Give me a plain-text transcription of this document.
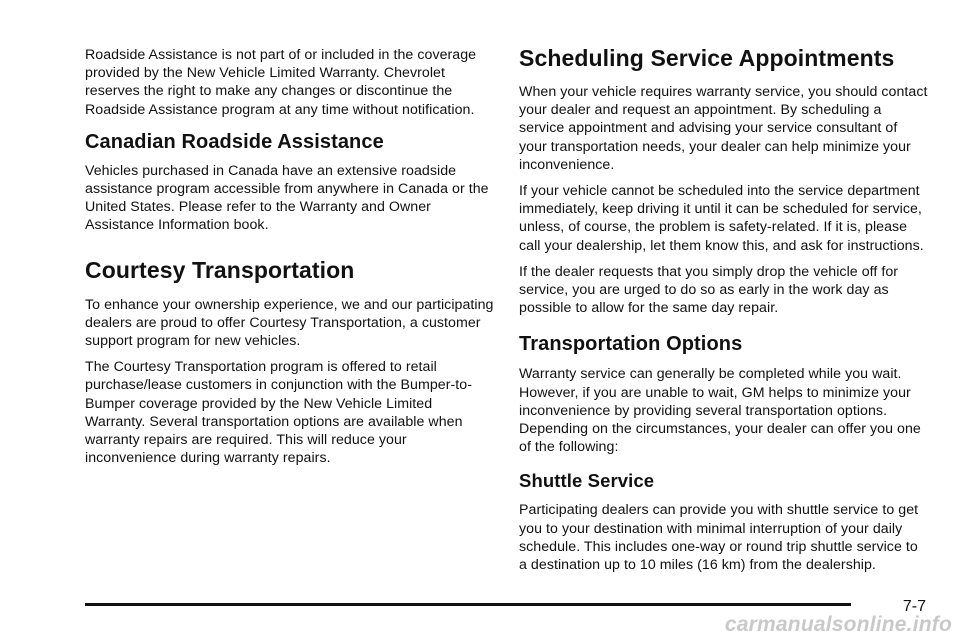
Roadside Assistance is not part of or included in the coverage provided by the New Vehicle Limited Warranty. Chevrolet reserves the right to make any changes or discontinue the Roadside Assistance program at any time without notification.

Canadian Roadside Assistance

Vehicles purchased in Canada have an extensive roadside assistance program accessible from anywhere in Canada or the United States. Please refer to the Warranty and Owner Assistance Information book.

Courtesy Transportation

To enhance your ownership experience, we and our participating dealers are proud to offer Courtesy Transportation, a customer support program for new vehicles.

The Courtesy Transportation program is offered to retail purchase/lease customers in conjunction with the Bumper-to-Bumper coverage provided by the New Vehicle Limited Warranty. Several transportation options are available when warranty repairs are required. This will reduce your inconvenience during warranty repairs.

Scheduling Service Appointments

When your vehicle requires warranty service, you should contact your dealer and request an appointment. By scheduling a service appointment and advising your service consultant of your transportation needs, your dealer can help minimize your inconvenience.

If your vehicle cannot be scheduled into the service department immediately, keep driving it until it can be scheduled for service, unless, of course, the problem is safety-related. If it is, please call your dealership, let them know this, and ask for instructions.

If the dealer requests that you simply drop the vehicle off for service, you are urged to do so as early in the work day as possible to allow for the same day repair.

Transportation Options

Warranty service can generally be completed while you wait. However, if you are unable to wait, GM helps to minimize your inconvenience by providing several transportation options. Depending on the circumstances, your dealer can offer you one of the following:

Shuttle Service

Participating dealers can provide you with shuttle service to get you to your destination with minimal interruption of your daily schedule. This includes one-way or round trip shuttle service to a destination up to 10 miles (16 km) from the dealership.

7-7
carmanualsonline.info
